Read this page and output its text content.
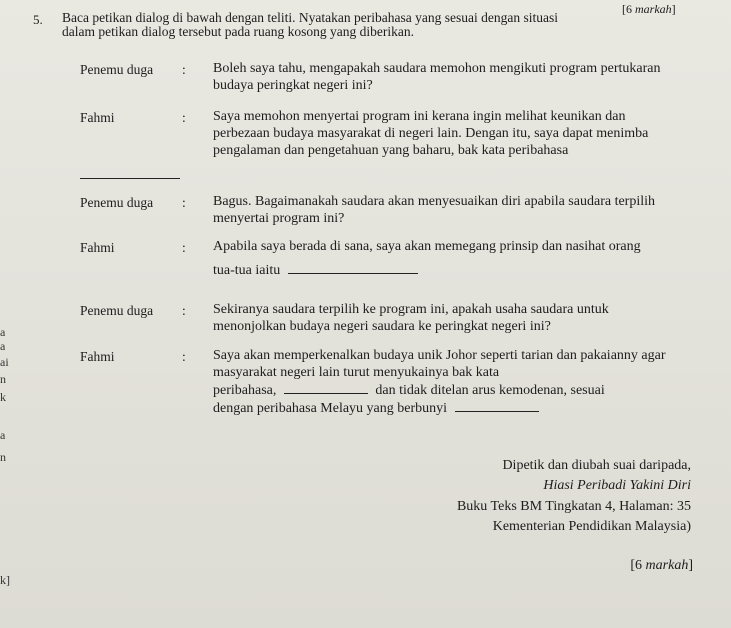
a
a
ai
n
k
a
n
k]
[6 markah]
5. Baca petikan dialog di bawah dengan teliti. Nyatakan peribahasa yang sesuai dengan situasi
dalam petikan dialog tersebut pada ruang kosong yang diberikan.
Penemu duga : Boleh saya tahu, mengapakah saudara memohon mengikuti program pertukaran budaya peringkat negeri ini?
Fahmi	: Saya memohon menyertai program ini kerana ingin melihat keunikan dan perbezaan budaya masyarakat di negeri lain. Dengan itu, saya dapat menimba pengalaman dan pengetahuan yang baharu, bak kata peribahasa
Penemu duga : Bagus. Bagaimanakah saudara akan menyesuaikan diri apabila saudara terpilih menyertai program ini?
Fahmi	: Apabila saya berada di sana, saya akan memegang prinsip dan nasihat orang
tua-tua iaitu
Penemu duga : Sekiranya saudara terpilih ke program ini, apakah usaha saudara untuk menonjolkan budaya negeri saudara ke peringkat negeri ini?
Fahmi	: Saya akan memperkenalkan budaya unik Johor seperti tarian dan pakaianny agar masyarakat negeri lain turut menyukainya bak kata
peribahasa,	dan tidak ditelan arus kemodenan, sesuai
dengan peribahasa Melayu yang berbunyi
Dipetik dan diubah suai daripada,
Hiasi Peribadi Yakini Diri
Buku Teks BM Tingkatan 4, Halaman: 35
Kementerian Pendidikan Malaysia)
[6 markah]
